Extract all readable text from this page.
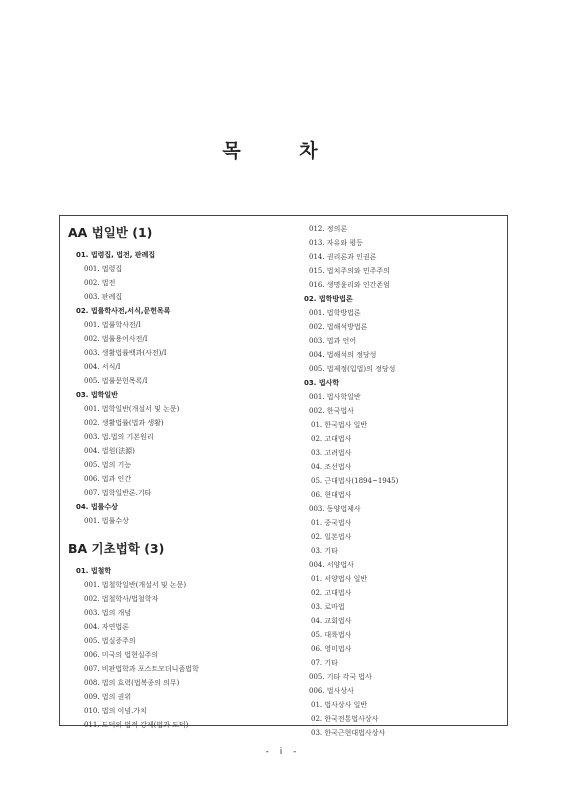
목 차
AA 법일반 (1)
01. 법령집, 법전, 판례집
001. 법령집
002. 법전
003. 판례집
02. 법률학사전,서식,문헌목록
001. 법률학사전/I
002. 법률용어사전/I
003. 생활법률백과(사전)/I
004. 서식/I
005. 법률문헌목록/I
03. 법학일반
001. 법학일반(개설서 및 논문)
002. 생활법률(법과 생활)
003. 법.법의 기본원리
004. 법원(法源)
005. 법의 기능
006. 법과 인간
007. 법학일반론.기타
04. 법률수상
001. 법률수상
BA 기초법학 (3)
01. 법철학
001. 법철학일반(개설서 및 논문)
002. 법철학사/법철학자
003. 법의 개념
004. 자연법론
005. 법실증주의
006. 미국의 법현실주의
007. 비판법학과 포스트모더니즘법학
008. 법의 효력(법복종의 의무)
009. 법의 권위
010. 법의 이념.가치
011. 도덕의 법적 강제(법과 도덕)
012. 정의론
013. 자유와 평등
014. 권리론과 인권론
015. 법치주의와 민주주의
016. 생명윤리와 인간존엄
02. 법학방법론
001. 법학방법론
002. 법해석방법론
003. 법과 언어
004. 법해석의 정당성
005. 법제정(입법)의 정당성
03. 법사학
001. 법사학일반
002. 한국법사
01. 한국법사 일반
02. 고대법사
03. 고려법사
04. 조선법사
05. 근대법사(1894~1945)
06. 현대법사
003. 동양법제사
01. 중국법사
02. 일본법사
03. 기타
004. 서양법사
01. 서양법사 일반
02. 고대법사
03. 로마법
04. 교회법사
05. 대륙법사
06. 영미법사
07. 기타
005. 기타 각국 법사
006. 법사상사
01. 법사상사 일반
02. 한국전통법사상사
03. 한국근현대법사상사
- i -
